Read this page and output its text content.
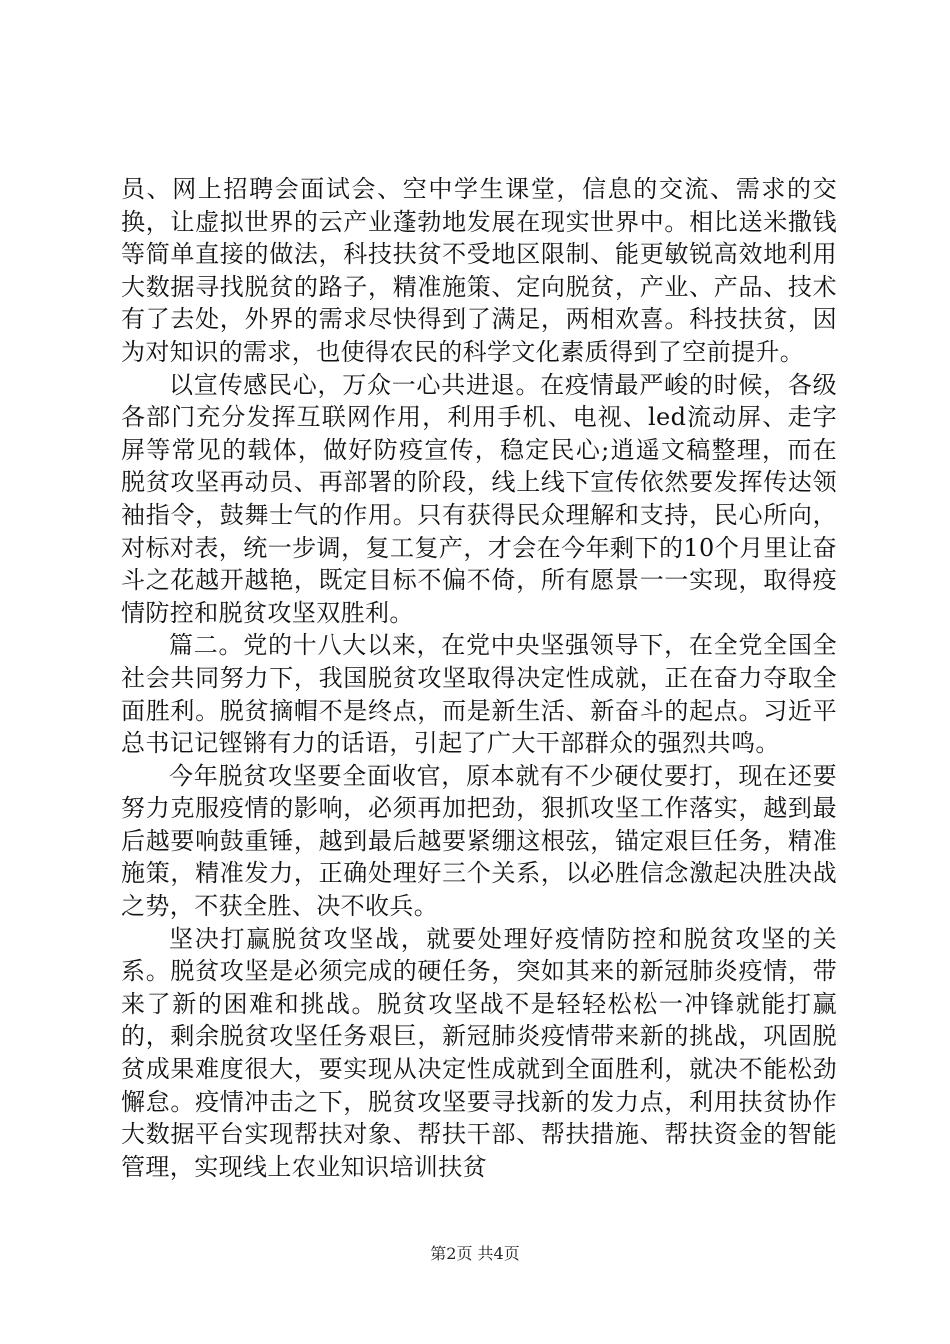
员、网上招聘会面试会、空中学生课堂，信息的交流、需求的交换，让虚拟世界的云产业蓬勃地发展在现实世界中。相比送米撒钱等简单直接的做法，科技扶贫不受地区限制、能更敏锐高效地利用大数据寻找脱贫的路子，精准施策、定向脱贫，产业、产品、技术有了去处，外界的需求尽快得到了满足，两相欢喜。科技扶贫，因为对知识的需求，也使得农民的科学文化素质得到了空前提升。

以宣传感民心，万众一心共进退。在疫情最严峻的时候，各级各部门充分发挥互联网作用，利用手机、电视、led流动屏、走字屏等常见的载体，做好防疫宣传，稳定民心;逍遥文稿整理，而在脱贫攻坚再动员、再部署的阶段，线上线下宣传依然要发挥传达领袖指令，鼓舞士气的作用。只有获得民众理解和支持，民心所向，对标对表，统一步调，复工复产，才会在今年剩下的10个月里让奋斗之花越开越艳，既定目标不偏不倚，所有愿景一一实现，取得疫情防控和脱贫攻坚双胜利。

篇二。党的十八大以来，在党中央坚强领导下，在全党全国全社会共同努力下，我国脱贫攻坚取得决定性成就，正在奋力夺取全面胜利。脱贫摘帽不是终点，而是新生活、新奋斗的起点。习近平总书记记铿锵有力的话语，引起了广大干部群众的强烈共鸣。

今年脱贫攻坚要全面收官，原本就有不少硬仗要打，现在还要努力克服疫情的影响，必须再加把劲，狠抓攻坚工作落实，越到最后越要响鼓重锤，越到最后越要紧绷这根弦，锚定艰巨任务，精准施策，精准发力，正确处理好三个关系，以必胜信念激起决胜决战之势，不获全胜、决不收兵。

坚决打赢脱贫攻坚战，就要处理好疫情防控和脱贫攻坚的关系。脱贫攻坚是必须完成的硬任务，突如其来的新冠肺炎疫情，带来了新的困难和挑战。脱贫攻坚战不是轻轻松松一冲锋就能打赢的，剩余脱贫攻坚任务艰巨，新冠肺炎疫情带来新的挑战，巩固脱贫成果难度很大，要实现从决定性成就到全面胜利，就决不能松劲懈怠。疫情冲击之下，脱贫攻坚要寻找新的发力点，利用扶贫协作大数据平台实现帮扶对象、帮扶干部、帮扶措施、帮扶资金的智能管理，实现线上农业知识培训扶贫

第2页 共4页
